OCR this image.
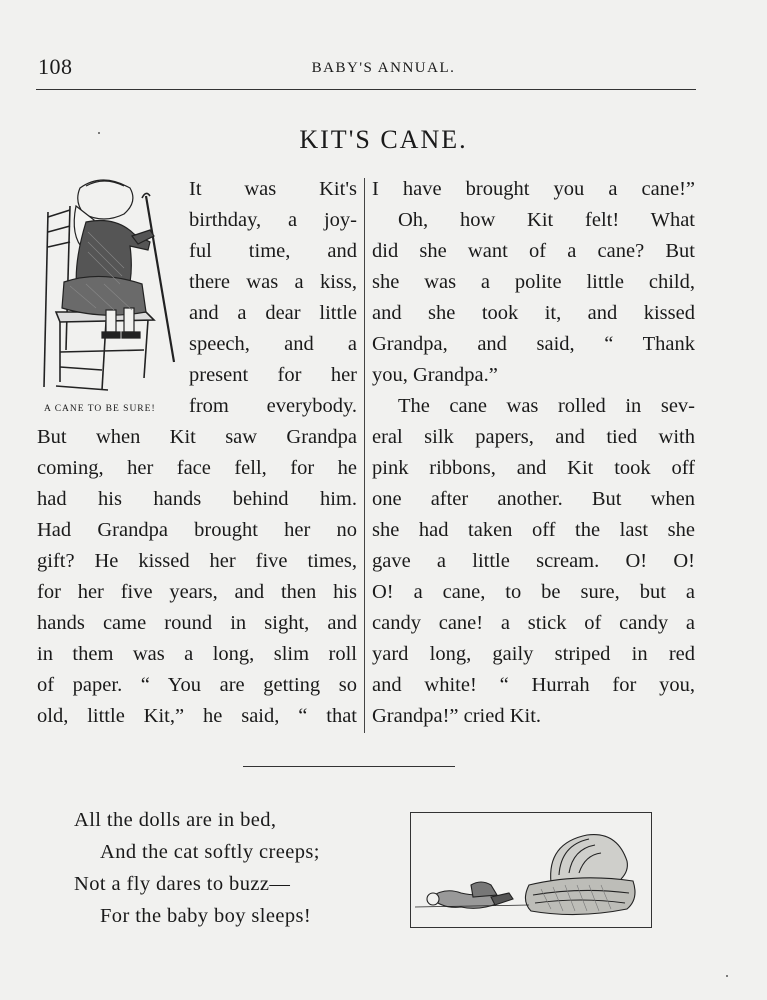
108	BABY'S ANNUAL.
KIT'S CANE.
A CANE TO BE SURE!
It was Kit's
birthday, a joy-
ful time, and
there was a kiss,
and a dear little
speech, and a
present for her
from everybody.
But when Kit saw Grandpa
coming, her face fell, for he
had his hands behind him.
Had Grandpa brought her no
gift? He kissed her five times,
for her five years, and then his
hands came round in sight, and
in them was a long, slim roll
of paper. “ You are getting so
old, little Kit,” he said, “ that
I have brought you a cane!”
Oh, how Kit felt! What
did she want of a cane? But
she was a polite little child,
and she took it, and kissed
Grandpa, and said, “ Thank
you, Grandpa.”
The cane was rolled in sev-
eral silk papers, and tied with
pink ribbons, and Kit took off
one after another. But when
she had taken off the last she
gave a little scream. O! O!
O! a cane, to be sure, but a
candy cane! a stick of candy a
yard long, gaily striped in red
and white! “ Hurrah for you,
Grandpa!” cried Kit.
All the dolls are in bed,
And the cat softly creeps;
Not a fly dares to buzz—
For the baby boy sleeps!
